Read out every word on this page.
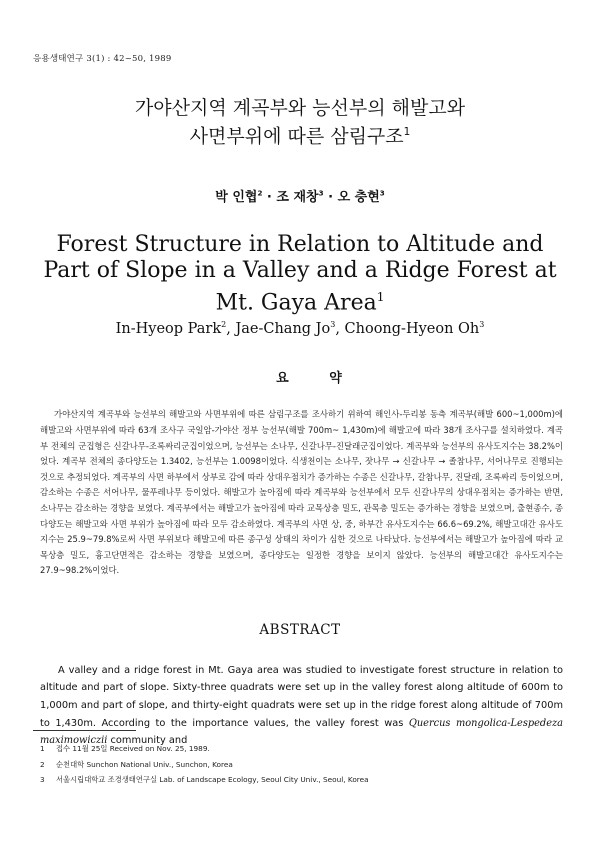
응용생태연구 3(1) : 42~50, 1989
가야산지역 계곡부와 능선부의 해발고와
사면부위에 따른 삼림구조$^1$
박 인협$^2$ · 조 재창$^3$ · 오 충현$^3$
Forest Structure in Relation to Altitude and Part of Slope in a Valley and a Ridge Forest at Mt. Gaya Area$^1$
In-Hyeop Park$^2$, Jae-Chang Jo$^3$, Choong-Hyeon Oh$^3$
요 약

가야산지역 계곡부와 능선부의 해발고와 사면부위에 따른 삼림구조를 조사하기 위하여 해인사-두리봉 동측 계곡부(해발 600~1,000m)에 해발고와 사면부위에 따라 63개 조사구 국일암-가야산 정부 능선부(해발 700m~ 1,430m)에 해발고에 따라 38개 조사구를 설치하였다. 계곡부 전체의 군집형은 신갈나무-조록싸리군집이었으며, 능선부는 소나무, 신갈나무-진달래군집이었다. 계곡부와 능선부의 유사도지수는 38.2%이었다. 계곡부 전체의 종다양도는 1.3402, 능선부는 1.0098이었다. 식생천이는 소나무, 잣나무 → 신갈나무 → 졸참나무, 서어나무로 진행되는 것으로 추정되었다. 계곡부의 사면 하부에서 상부로 감에 따라 상대우점치가 증가하는 수종은 신갈나무, 갈참나무, 진달래, 조록싸리 등이었으며, 감소하는 수종은 서어나무, 물푸레나무 등이었다. 해발고가 높아짐에 따라 계곡부와 능선부에서 모두 신갈나무의 상대우점치는 증가하는 반면, 소나무는 감소하는 경향을 보였다. 계곡부에서는 해발고가 높아짐에 따라 교목상층 밀도, 관목층 밀도는 증가하는 경향을 보였으며, 출현종수, 종다양도는 해발고와 사면 부위가 높아짐에 따라 모두 감소하였다. 계곡부의 사면 상, 중, 하부간 유사도지수는 66.6~69.2%, 해발고대간 유사도지수는 25.9~79.8%로써 사면 부위보다 해발고에 따른 종구성 상태의 차이가 심한 것으로 나타났다. 능선부에서는 해발고가 높아짐에 따라 교목상층 밀도, 흉고단면적은 감소하는 경향을 보였으며, 종다양도는 일정한 경향을 보이지 않았다. 능선부의 해발고대간 유사도지수는 27.9~98.2%이었다.

ABSTRACT

A valley and a ridge forest in Mt. Gaya area was studied to investigate forest structure in relation to altitude and part of slope. Sixty-three quadrats were set up in the valley forest along altitude of 600m to 1,000m and part of slope, and thirty-eight quadrats were set up in the ridge forest along altitude of 700m to 1,430m. According to the importance values, the valley forest was Quercus mongolica-Lespedeza maximowiczii community and

1 접수 11월 25일 Received on Nov. 25, 1989.
2 순천대학 Sunchon National Univ., Sunchon, Korea
3 서울시립대학교 조경생태연구실 Lab. of Landscape Ecology, Seoul City Univ., Seoul, Korea
